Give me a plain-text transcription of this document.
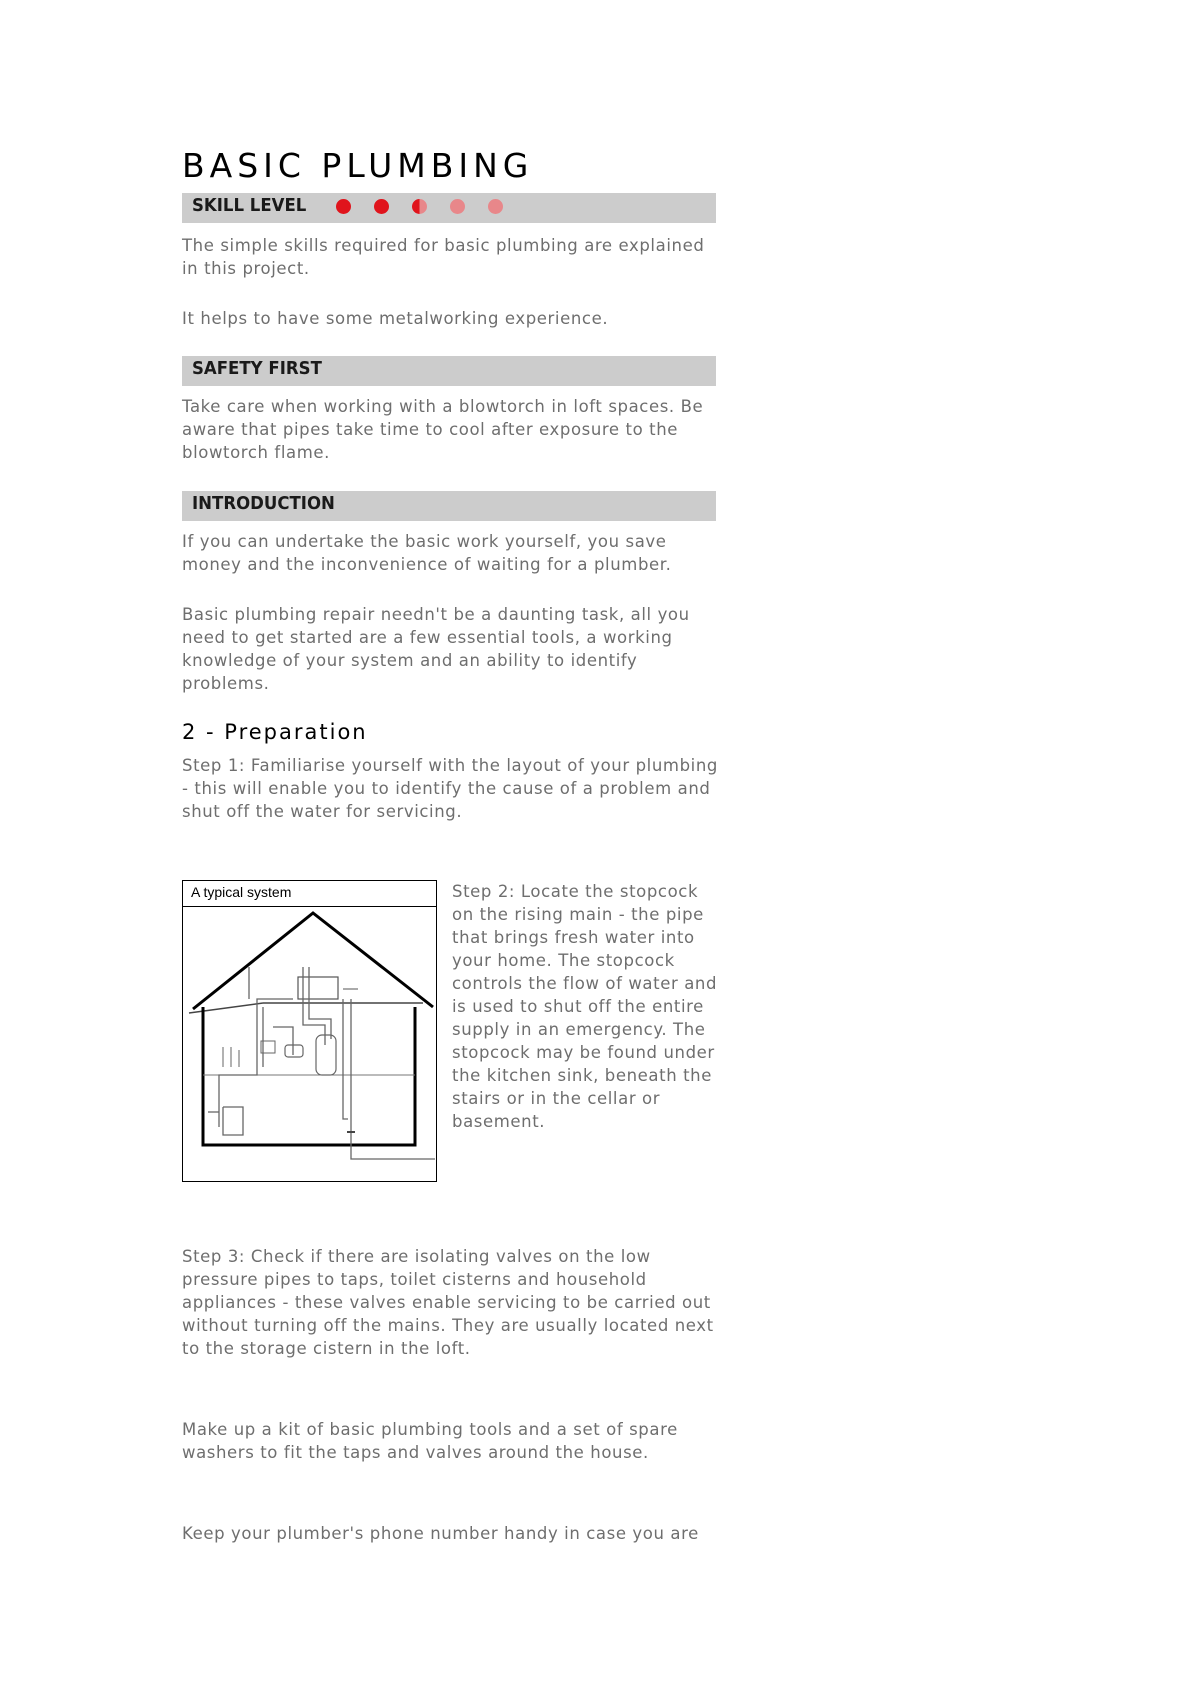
BASIC PLUMBING
SKILL LEVEL

The simple skills required for basic plumbing are explained in this project.

It helps to have some metalworking experience.

SAFETY FIRST

Take care when working with a blowtorch in loft spaces. Be aware that pipes take time to cool after exposure to the blowtorch flame.

INTRODUCTION

If you can undertake the basic work yourself, you save money and the inconvenience of waiting for a plumber.

Basic plumbing repair needn't be a daunting task, all you need to get started are a few essential tools, a working knowledge of your system and an ability to identify problems.

2 - Preparation

Step 1: Familiarise yourself with the layout of your plumbing - this will enable you to identify the cause of a problem and shut off the water for servicing.

A typical system	Step 2: Locate the stopcock on the rising main - the pipe that brings fresh water into your home. The stopcock controls the flow of water and is used to shut off the entire supply in an emergency. The stopcock may be found under the kitchen sink, beneath the stairs or in the cellar or basement.

Step 3: Check if there are isolating valves on the low pressure pipes to taps, toilet cisterns and household appliances - these valves enable servicing to be carried out without turning off the mains. They are usually located next to the storage cistern in the loft.

Make up a kit of basic plumbing tools and a set of spare washers to fit the taps and valves around the house.

Keep your plumber's phone number handy in case you are
